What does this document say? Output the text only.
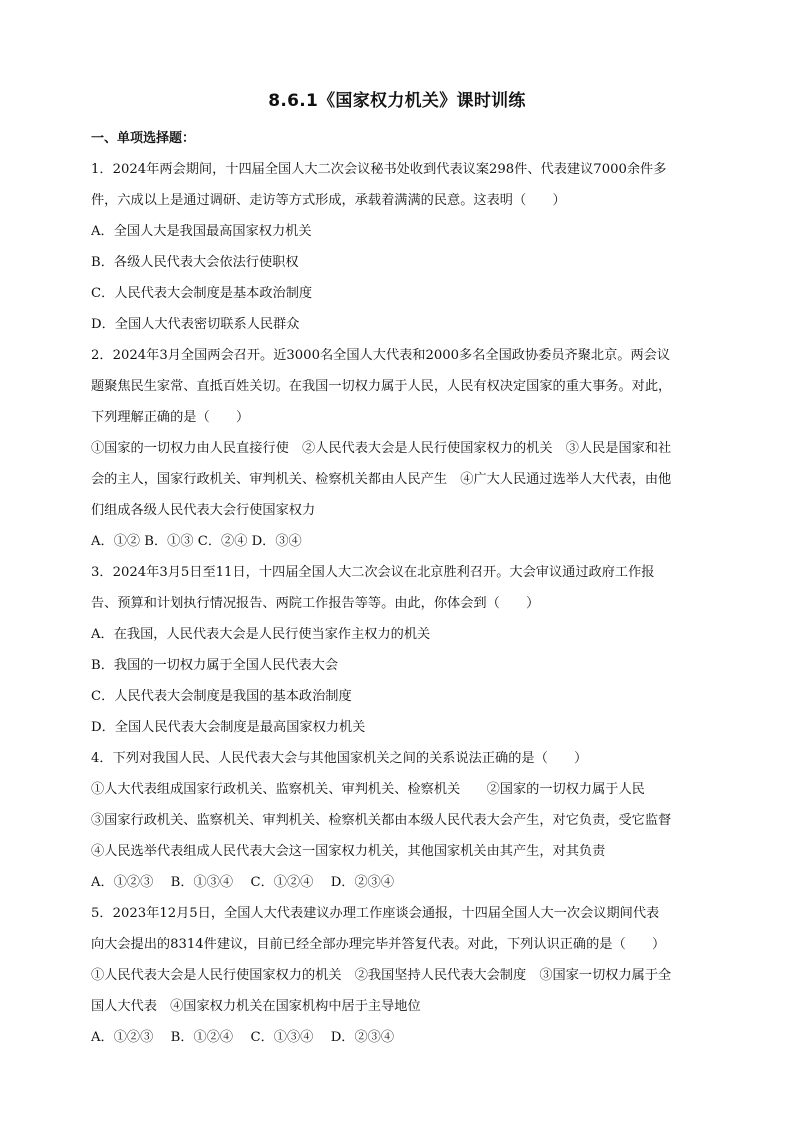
8.6.1《国家权力机关》课时训练
一、单项选择题：
1．2024年两会期间，十四届全国人大二次会议秘书处收到代表议案298件、代表建议7000余件多
件，六成以上是通过调研、走访等方式形成，承载着满满的民意。这表明（　　）
A．全国人大是我国最高国家权力机关
B．各级人民代表大会依法行使职权
C．人民代表大会制度是基本政治制度
D．全国人大代表密切联系人民群众
2．2024年3月全国两会召开。近3000名全国人大代表和2000多名全国政协委员齐聚北京。两会议
题聚焦民生家常、直抵百姓关切。在我国一切权力属于人民，人民有权决定国家的重大事务。对此，
下列理解正确的是（　　）
①国家的一切权力由人民直接行使　②人民代表大会是人民行使国家权力的机关　③人民是国家和社
会的主人，国家行政机关、审判机关、检察机关都由人民产生　④广大人民通过选举人大代表，由他
们组成各级人民代表大会行使国家权力
A．①② B．①③ C．②④ D．③④
3．2024年3月5日至11日，十四届全国人大二次会议在北京胜利召开。大会审议通过政府工作报
告、预算和计划执行情况报告、两院工作报告等等。由此，你体会到（　　）
A．在我国，人民代表大会是人民行使当家作主权力的机关
B．我国的一切权力属于全国人民代表大会
C．人民代表大会制度是我国的基本政治制度
D．全国人民代表大会制度是最高国家权力机关
4．下列对我国人民、人民代表大会与其他国家机关之间的关系说法正确的是（　　）
①人大代表组成国家行政机关、监察机关、审判机关、检察机关　　②国家的一切权力属于人民
③国家行政机关、监察机关、审判机关、检察机关都由本级人民代表大会产生，对它负责，受它监督
④人民选举代表组成人民代表大会这一国家权力机关，其他国家机关由其产生，对其负责
A．①②③　 B．①③④　 C．①②④　 D．②③④
5．2023年12月5日，全国人大代表建议办理工作座谈会通报，十四届全国人大一次会议期间代表
向大会提出的8314件建议，目前已经全部办理完毕并答复代表。对此，下列认识正确的是（　　）
①人民代表大会是人民行使国家权力的机关　②我国坚持人民代表大会制度　③国家一切权力属于全
国人大代表　④国家权力机关在国家机构中居于主导地位
A．①②③　 B．①②④　 C．①③④　 D．②③④
